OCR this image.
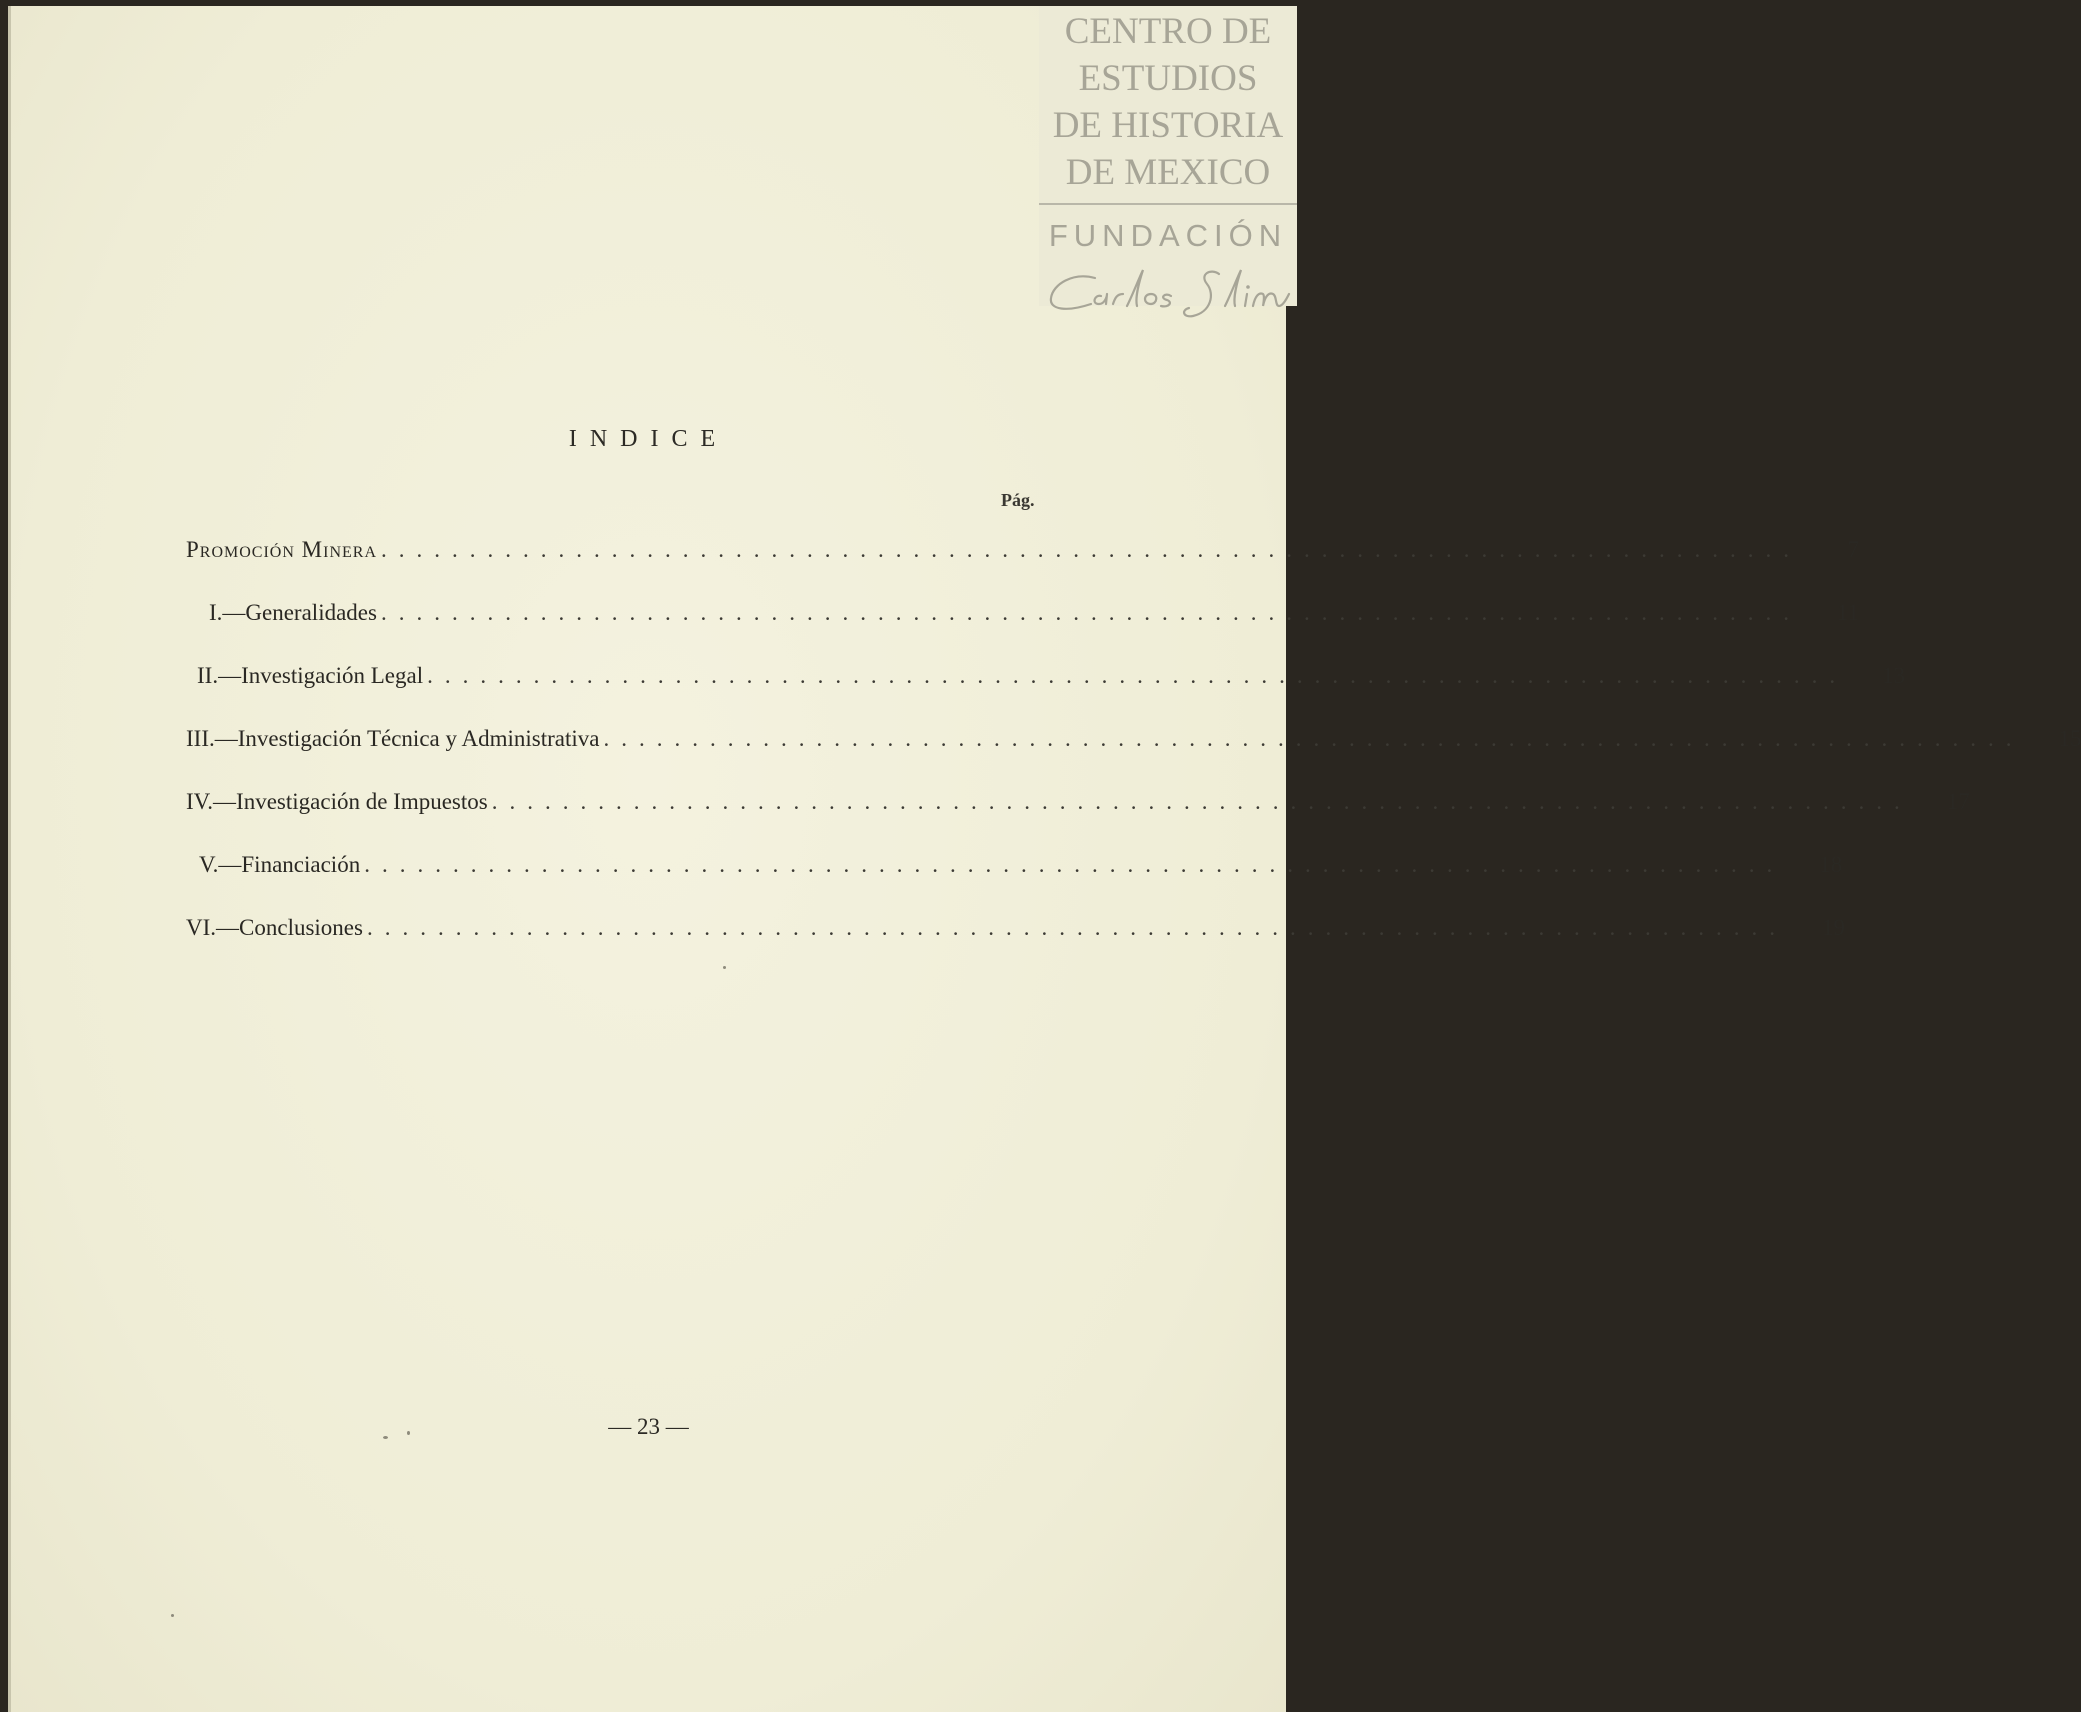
CENTRO DE
ESTUDIOS
DE HISTORIA
DE MEXICO
FUNDACIÓN
INDICE
Pág.
Promoción Minera ................................................................................	7
I.—Generalidades ................................................................................	11
II.—Investigación Legal ................................................................................	13
III.—Investigación Técnica y Administrativa ................................................................................	15
IV.—Investigación de Impuestos ................................................................................	17
V.—Financiación ................................................................................	18
VI.—Conclusiones ................................................................................	19
— 23 —
